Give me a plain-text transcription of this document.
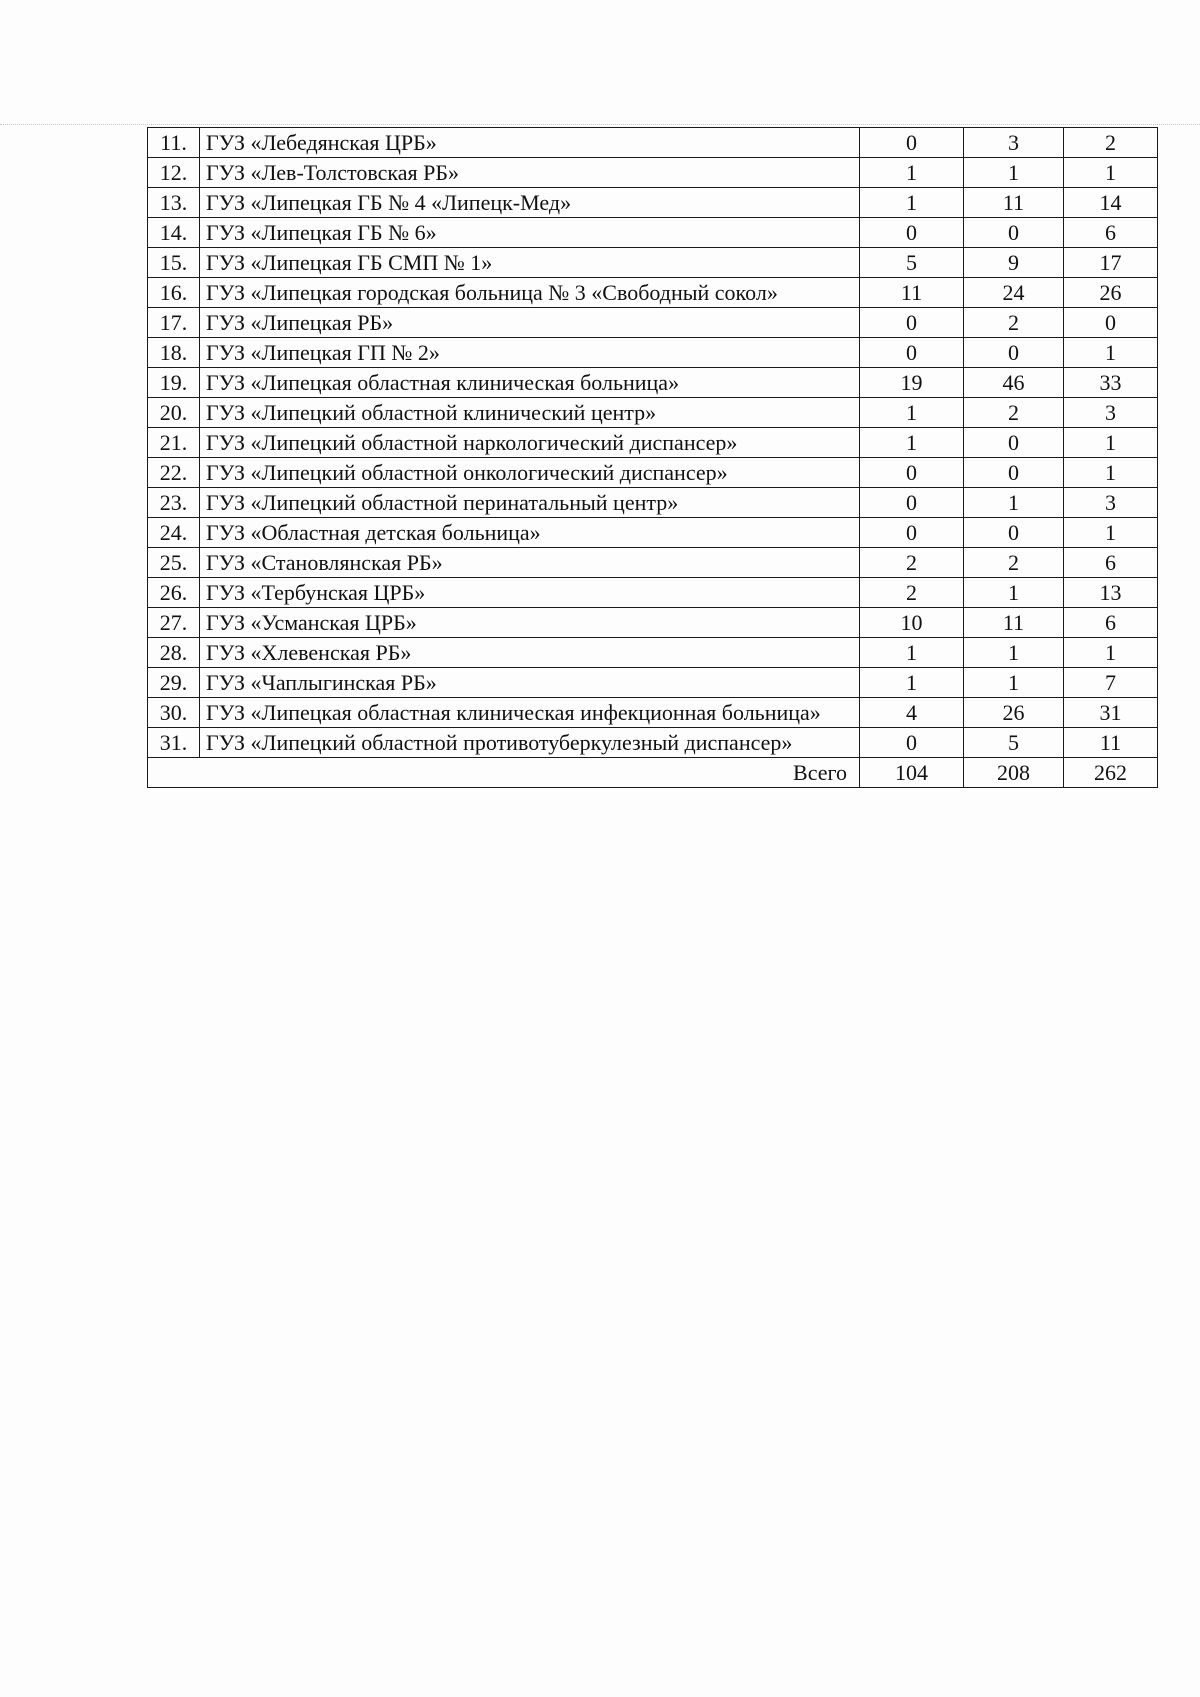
11.	ГУЗ «Лебедянская ЦРБ»	0	3	2
12.	ГУЗ «Лев-Толстовская РБ»	1	1	1
13.	ГУЗ «Липецкая ГБ № 4 «Липецк-Мед»	1	11	14
14.	ГУЗ «Липецкая ГБ № 6»	0	0	6
15.	ГУЗ «Липецкая ГБ СМП № 1»	5	9	17
16.	ГУЗ «Липецкая городская больница № 3 «Свободный сокол»	11	24	26
17.	ГУЗ «Липецкая РБ»	0	2	0
18.	ГУЗ «Липецкая ГП № 2»	0	0	1
19.	ГУЗ «Липецкая областная клиническая больница»	19	46	33
20.	ГУЗ «Липецкий областной клинический центр»	1	2	3
21.	ГУЗ «Липецкий областной наркологический диспансер»	1	0	1
22.	ГУЗ «Липецкий областной онкологический диспансер»	0	0	1
23.	ГУЗ «Липецкий областной перинатальный центр»	0	1	3
24.	ГУЗ «Областная детская больница»	0	0	1
25.	ГУЗ «Становлянская РБ»	2	2	6
26.	ГУЗ «Тербунская ЦРБ»	2	1	13
27.	ГУЗ «Усманская ЦРБ»	10	11	6
28.	ГУЗ «Хлевенская РБ»	1	1	1
29.	ГУЗ «Чаплыгинская РБ»	1	1	7
30.	ГУЗ «Липецкая областная клиническая инфекционная больница»	4	26	31
31.	ГУЗ «Липецкий областной противотуберкулезный диспансер»	0	5	11
Всего		104	208	262
